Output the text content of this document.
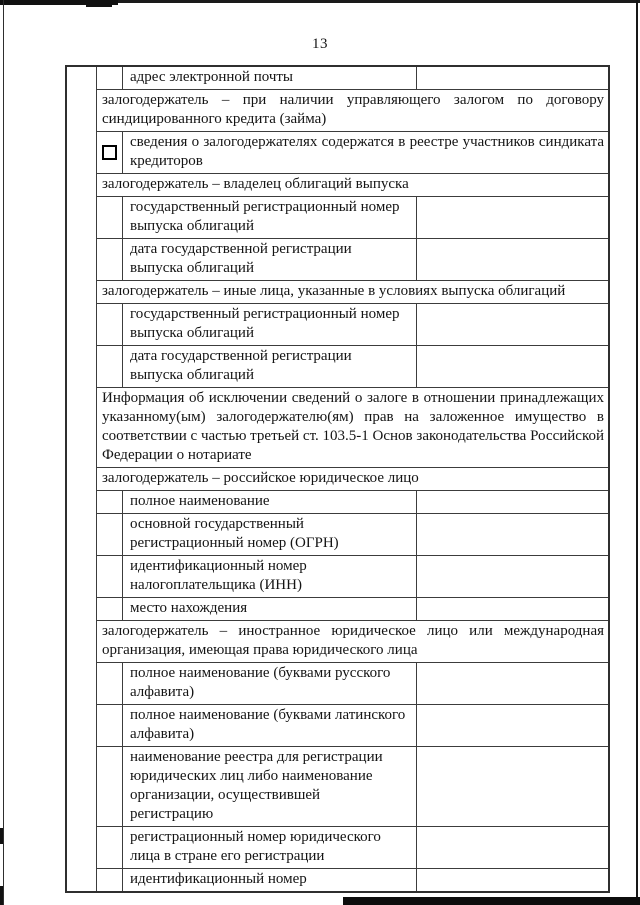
13
адрес электронной почты
залогодержатель – при наличии управляющего залогом по договору синдицированного кредита (займа)
сведения о залогодержателях содержатся в реестре участников синдиката кредиторов
залогодержатель – владелец облигаций выпуска
государственный регистрационный номер выпуска облигаций
дата государственной регистрации выпуска облигаций
залогодержатель – иные лица, указанные в условиях выпуска облигаций
государственный регистрационный номер выпуска облигаций
дата государственной регистрации выпуска облигаций
Информация об исключении сведений о залоге в отношении принадлежащих указанному(ым) залогодержателю(ям) прав на заложенное имущество в соответствии с частью третьей ст. 103.5-1 Основ законодательства Российской Федерации о нотариате
залогодержатель – российское юридическое лицо
полное наименование
основной государственный регистрационный номер (ОГРН)
идентификационный номер налогоплательщика (ИНН)
место нахождения
залогодержатель – иностранное юридическое лицо или международная организация, имеющая права юридического лица
полное наименование (буквами русского алфавита)
полное наименование (буквами латинского алфавита)
наименование реестра для регистрации юридических лиц либо наименование организации, осуществившей регистрацию
регистрационный номер юридического лица в стране его регистрации
идентификационный номер
